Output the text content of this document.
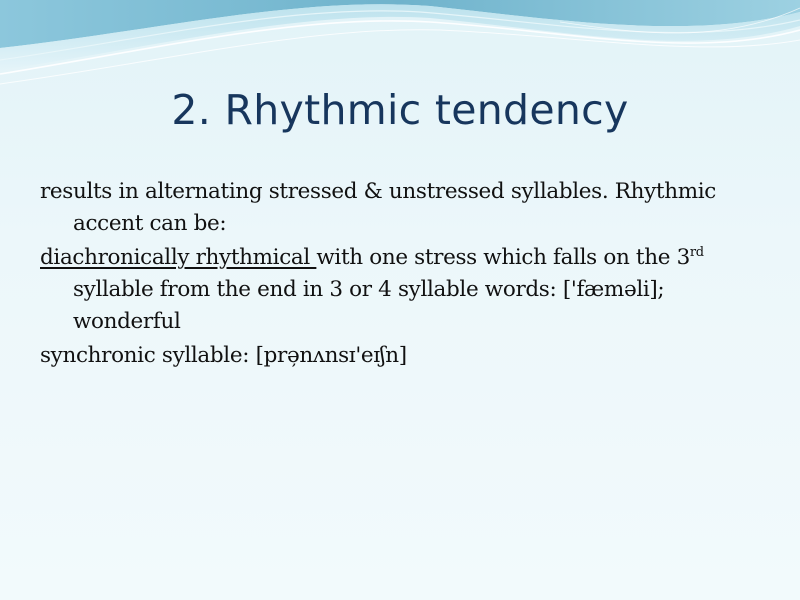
2. Rhythmic tendency

results in alternating stressed & unstressed syllables. Rhythmic accent can be:

diachronically rhythmical with one stress which falls on the 3rd syllable from the end in 3 or 4 syllable words: ['fæməli]; wonderful

synchronic syllable: [prə̦nʌnsɪ'eɪʃn]
